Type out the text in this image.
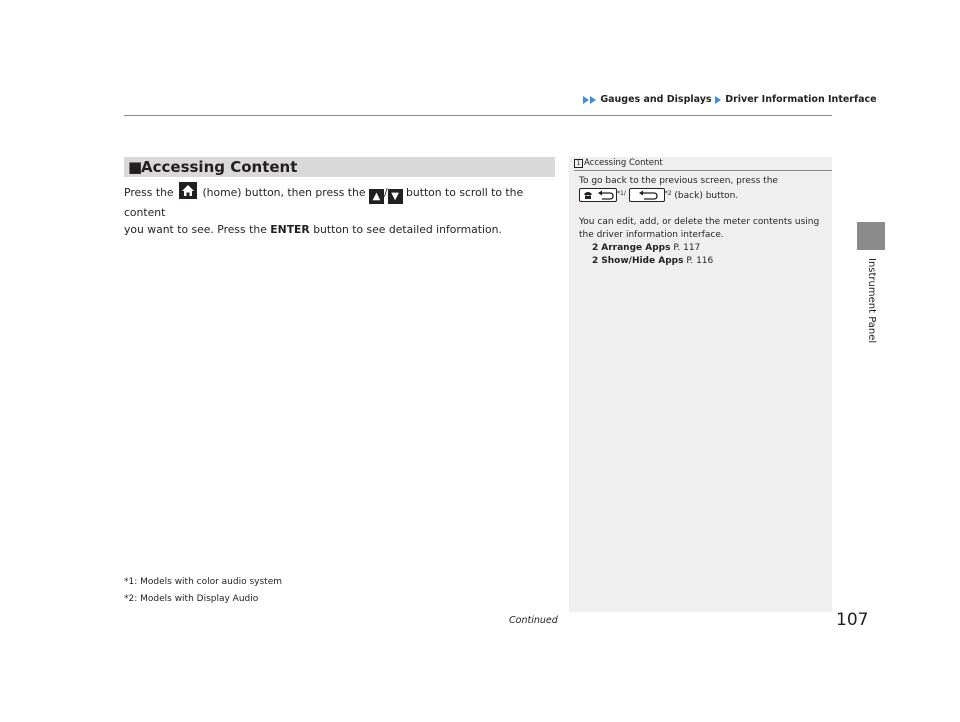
Gauges and Displays Driver Information Interface
Instrument Panel
■
Accessing Content
Press the	(home) button, then press the ▲ / ▼ button to scroll to the content
you want to see. Press the ENTER button to see detailed information.
*1: Models with color audio system
*2: Models with Display Audio
Continued	107
1 Accessing Content
To go back to the previous screen, press the
$^{*1/}$	$^{*2}$ (back) button.
You can edit, add, or delete the meter contents using
the driver information interface.
2 Arrange Apps P. 117
2 Show/Hide Apps P. 116
